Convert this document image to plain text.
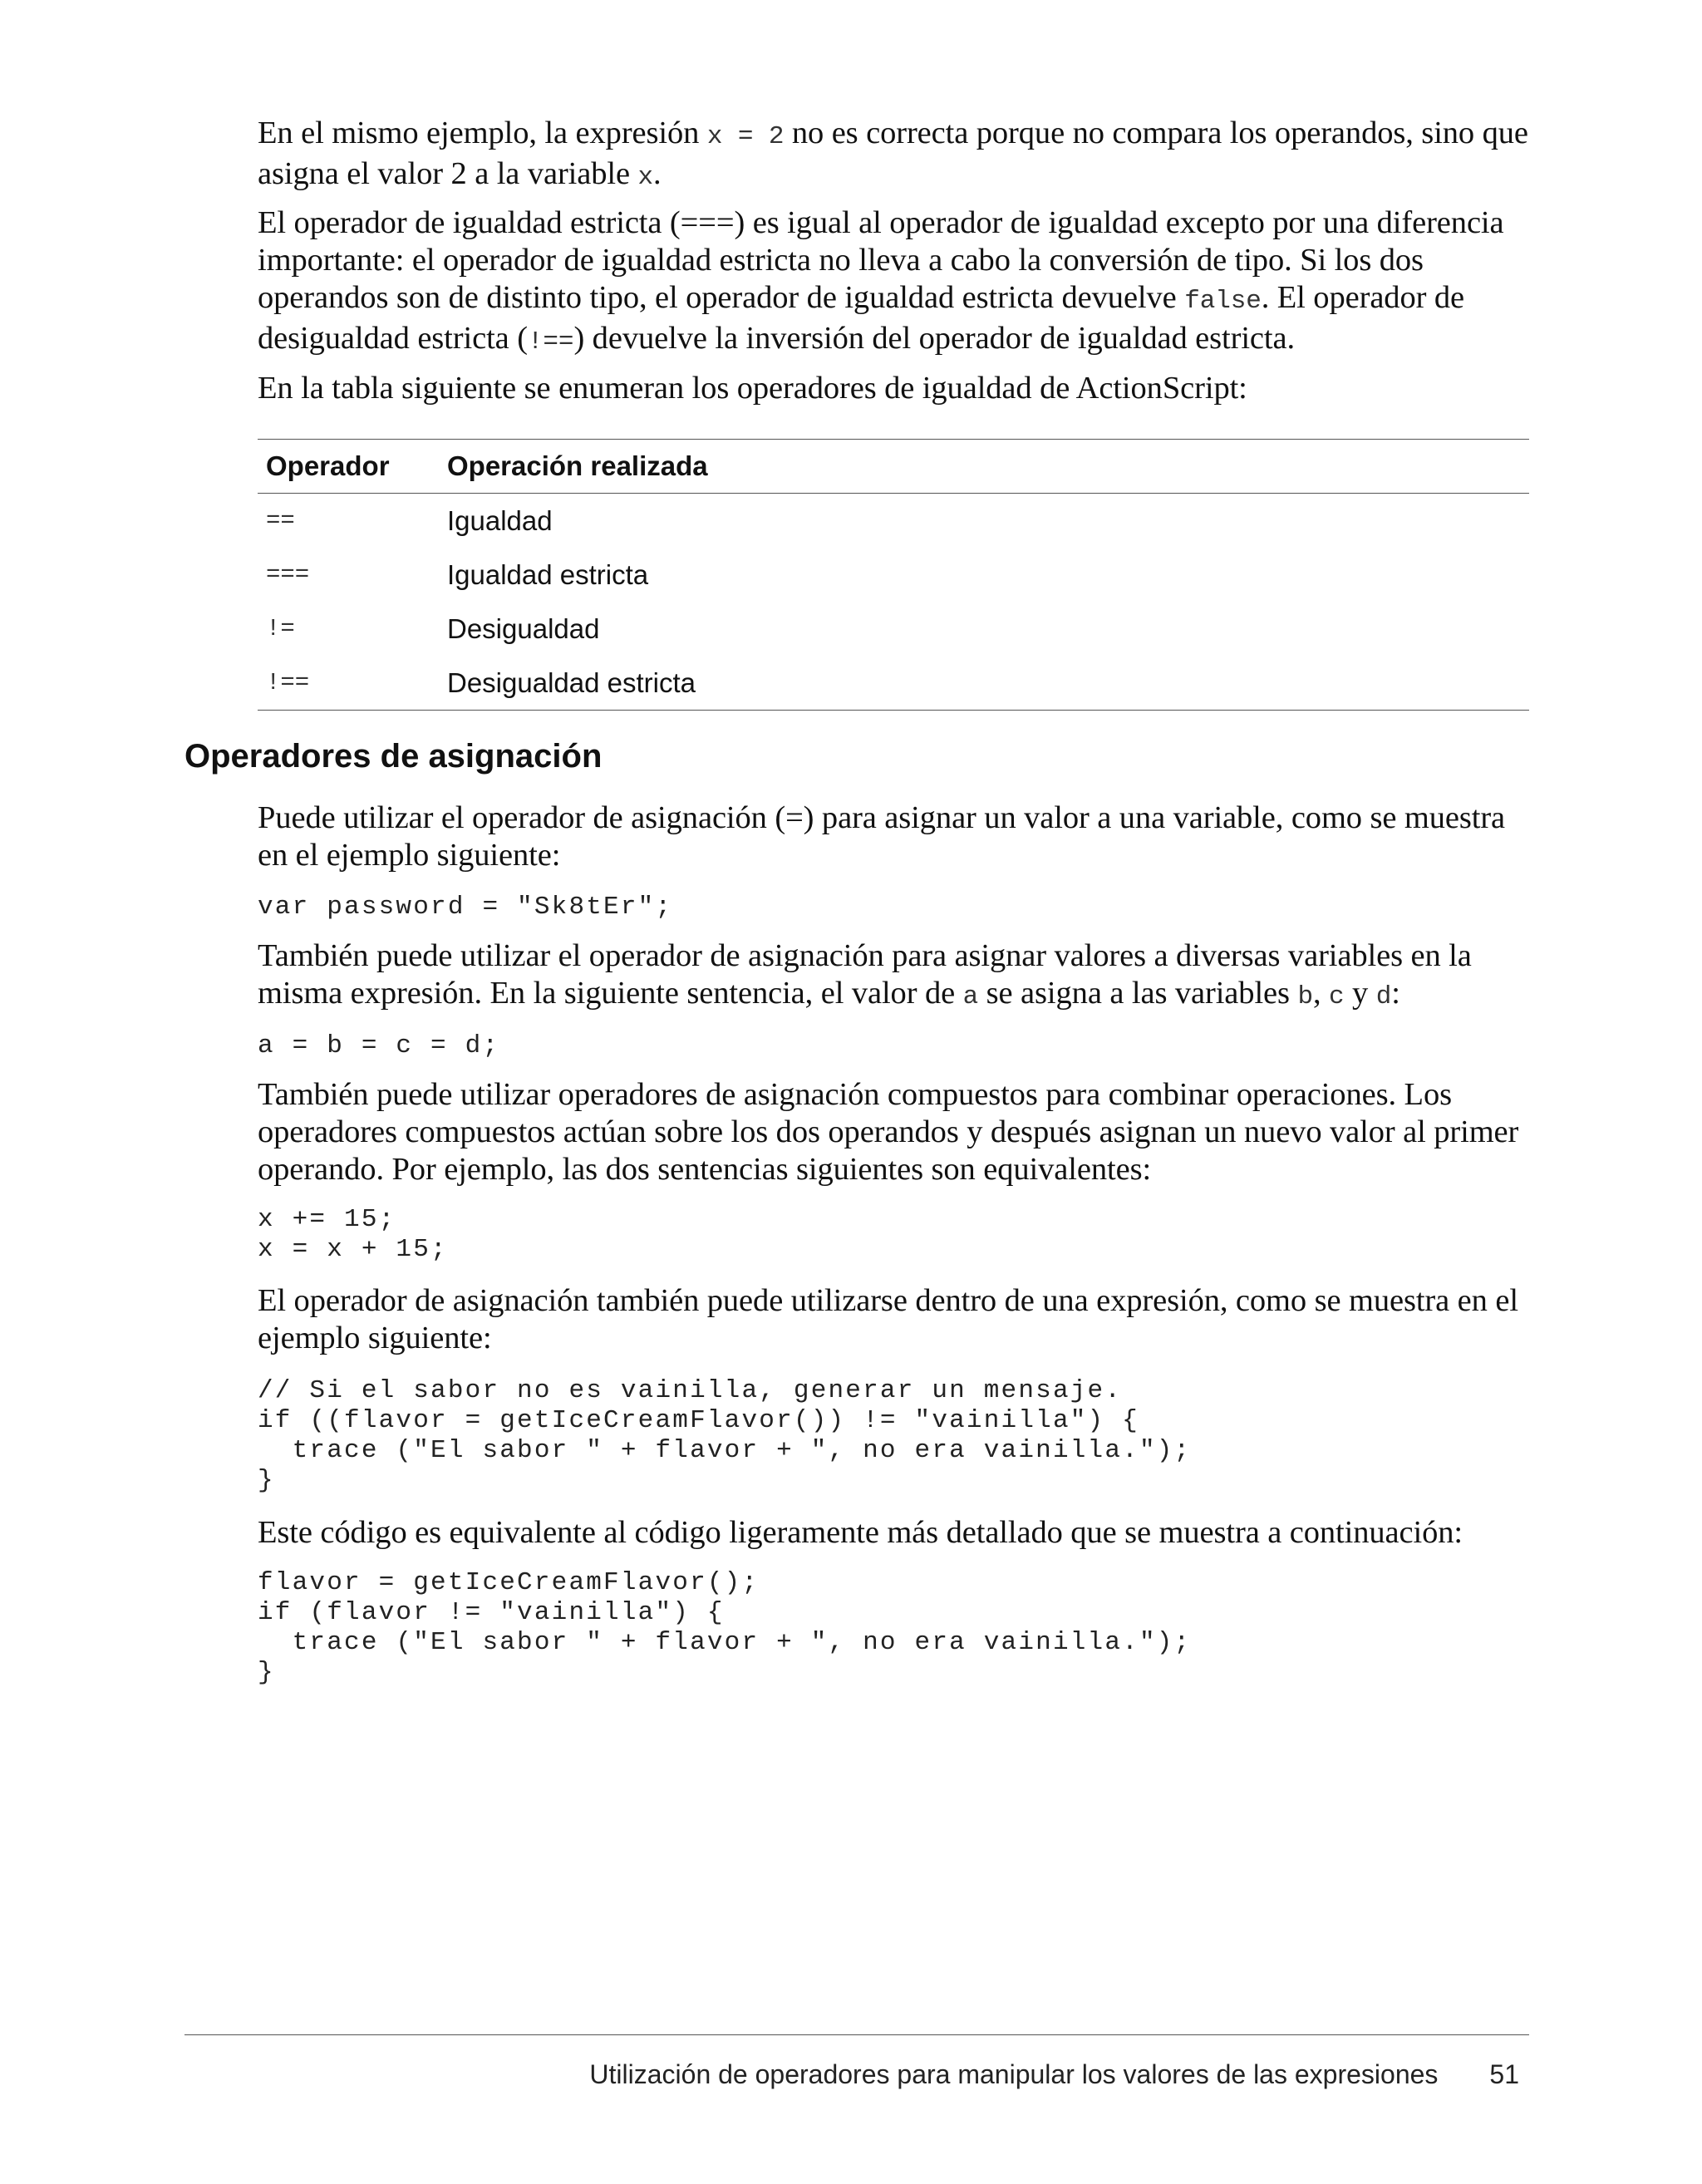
En el mismo ejemplo, la expresión x = 2 no es correcta porque no compara los operandos, sino que asigna el valor 2 a la variable x.

El operador de igualdad estricta (===) es igual al operador de igualdad excepto por una diferencia importante: el operador de igualdad estricta no lleva a cabo la conversión de tipo. Si los dos operandos son de distinto tipo, el operador de igualdad estricta devuelve false. El operador de desigualdad estricta (!==) devuelve la inversión del operador de igualdad estricta.

En la tabla siguiente se enumeran los operadores de igualdad de ActionScript:

Operador	Operación realizada
==	Igualdad
===	Igualdad estricta
!=	Desigualdad
!==	Desigualdad estricta
Operadores de asignación

Puede utilizar el operador de asignación (=) para asignar un valor a una variable, como se muestra en el ejemplo siguiente:

var password = "Sk8tEr";

También puede utilizar el operador de asignación para asignar valores a diversas variables en la misma expresión. En la siguiente sentencia, el valor de a se asigna a las variables b, c y d:

a = b = c = d;

También puede utilizar operadores de asignación compuestos para combinar operaciones. Los operadores compuestos actúan sobre los dos operandos y después asignan un nuevo valor al primer operando. Por ejemplo, las dos sentencias siguientes son equivalentes:

x += 15;
x = x + 15;

El operador de asignación también puede utilizarse dentro de una expresión, como se muestra en el ejemplo siguiente:

// Si el sabor no es vainilla, generar un mensaje.
if ((flavor = getIceCreamFlavor()) != "vainilla") {
trace ("El sabor " + flavor + ", no era vainilla.");
}

Este código es equivalente al código ligeramente más detallado que se muestra a continuación:

flavor = getIceCreamFlavor();
if (flavor != "vainilla") {
trace ("El sabor " + flavor + ", no era vainilla.");
}
Utilización de operadores para manipular los valores de las expresiones 51
